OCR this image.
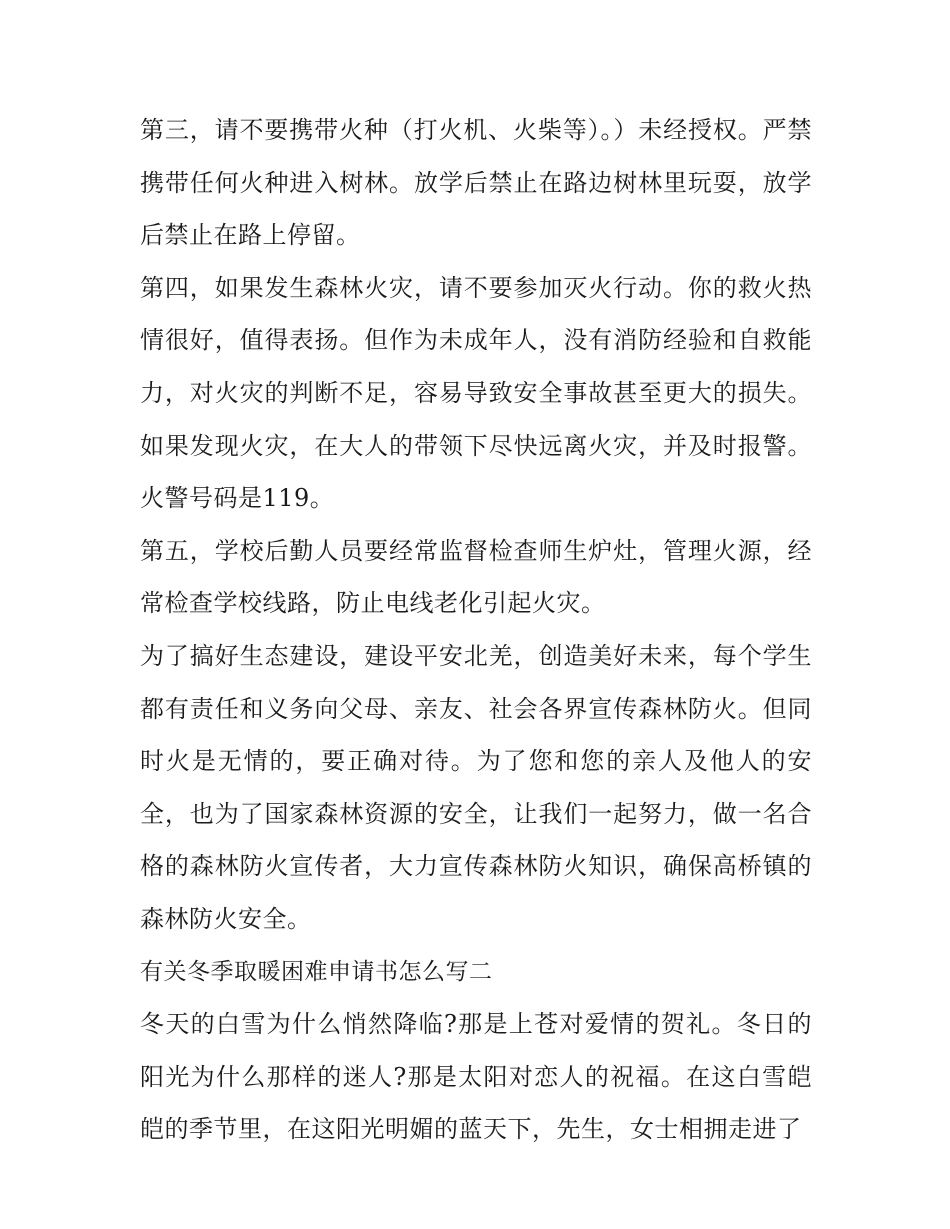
第三，请不要携带火种（打火机、火柴等）。）未经授权。严禁携带任何火种进入树林。放学后禁止在路边树林里玩耍，放学后禁止在路上停留。

第四，如果发生森林火灾，请不要参加灭火行动。你的救火热情很好，值得表扬。但作为未成年人，没有消防经验和自救能力，对火灾的判断不足，容易导致安全事故甚至更大的损失。如果发现火灾，在大人的带领下尽快远离火灾，并及时报警。火警号码是119。

第五，学校后勤人员要经常监督检查师生炉灶，管理火源，经常检查学校线路，防止电线老化引起火灾。

为了搞好生态建设，建设平安北羌，创造美好未来，每个学生都有责任和义务向父母、亲友、社会各界宣传森林防火。但同时火是无情的，要正确对待。为了您和您的亲人及他人的安全，也为了国家森林资源的安全，让我们一起努力，做一名合格的森林防火宣传者，大力宣传森林防火知识，确保高桥镇的森林防火安全。

有关冬季取暖困难申请书怎么写二

冬天的白雪为什么悄然降临?那是上苍对爱情的贺礼。冬日的阳光为什么那样的迷人?那是太阳对恋人的祝福。在这白雪皑皑的季节里，在这阳光明媚的蓝天下，先生，女士相拥走进了
